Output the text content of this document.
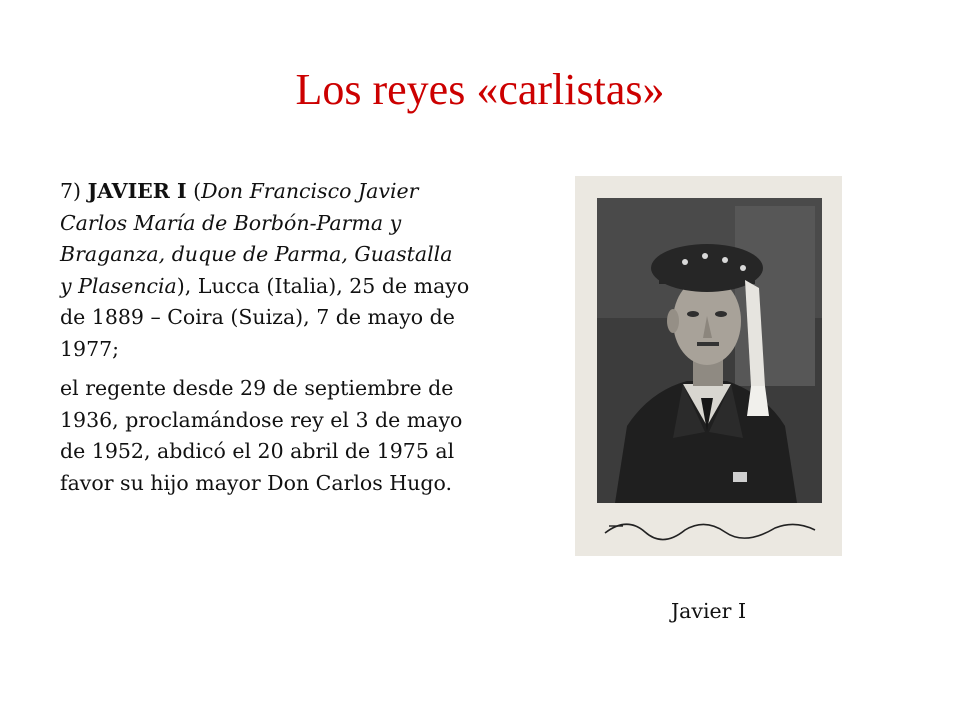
Los reyes «carlistas»

7) JAVIER I (Don Francisco Javier Carlos María de Borbón-Parma y Braganza, duque de Parma, Guastalla y Plasencia), Lucca (Italia), 25 de mayo de 1889 – Coira (Suiza), 7 de mayo de 1977;

el regente desde 29 de septiembre de 1936, proclamándose rey el 3 de mayo de 1952, abdicó el 20 abril de 1975 al favor su hijo mayor Don Carlos Hugo.

Javier I
